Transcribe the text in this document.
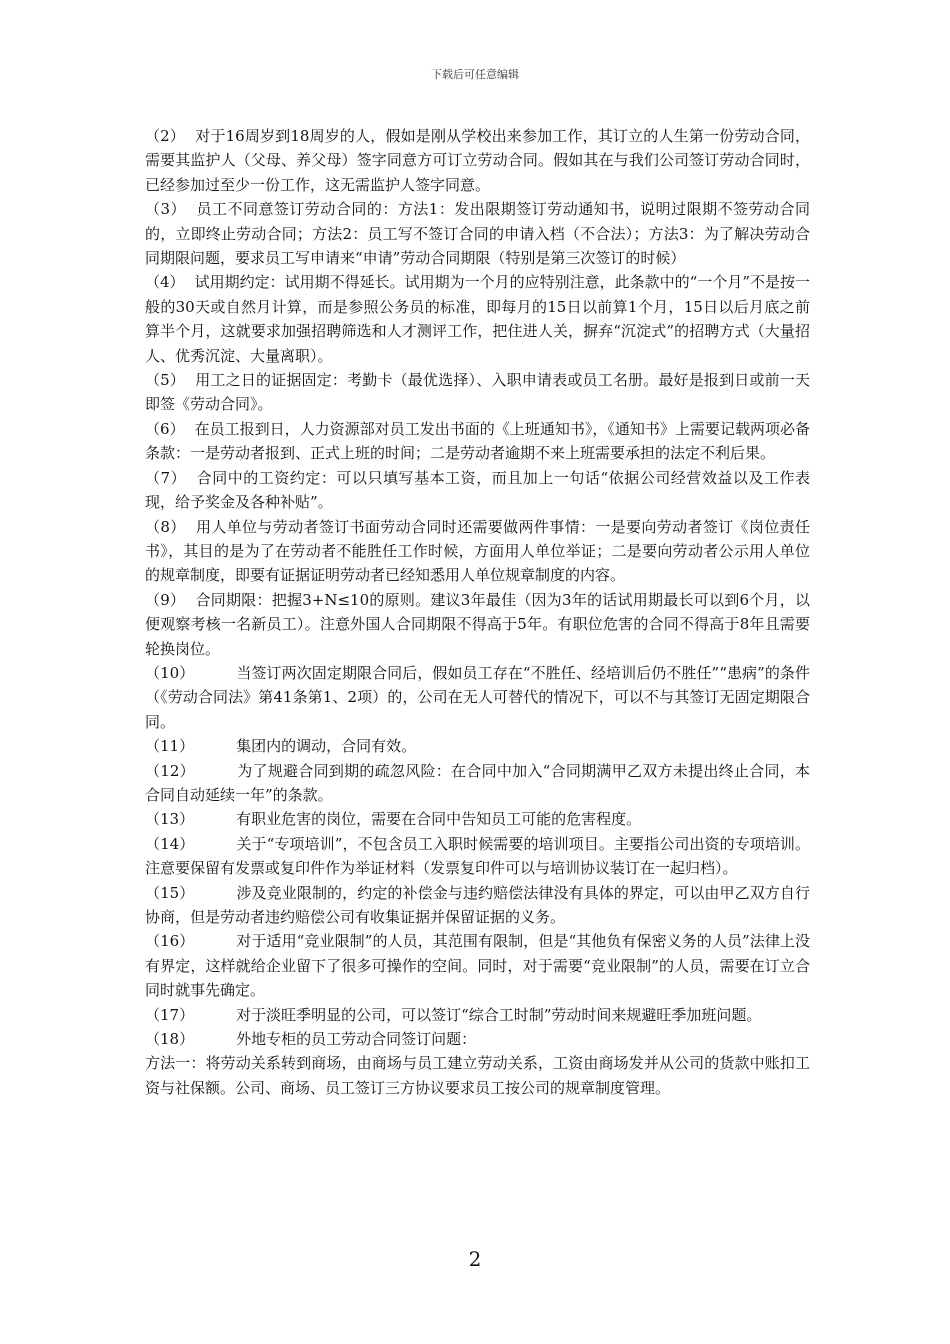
下载后可任意编辑

（2） 对于16周岁到18周岁的人，假如是刚从学校出来参加工作，其订立的人生第一份劳动合同，需要其监护人（父母、养父母）签字同意方可订立劳动合同。假如其在与我们公司签订劳动合同时，已经参加过至少一份工作，这无需监护人签字同意。

（3） 员工不同意签订劳动合同的：方法1：发出限期签订劳动通知书，说明过限期不签劳动合同的，立即终止劳动合同；方法2：员工写不签订合同的申请入档（不合法）；方法3：为了解决劳动合同期限问题，要求员工写申请来“申请”劳动合同期限（特别是第三次签订的时候）

（4） 试用期约定：试用期不得延长。试用期为一个月的应特别注意，此条款中的“一个月”不是按一般的30天或自然月计算，而是参照公务员的标准，即每月的15日以前算1个月，15日以后月底之前算半个月，这就要求加强招聘筛选和人才测评工作，把住进人关，摒弃“沉淀式”的招聘方式（大量招人、优秀沉淀、大量离职）。

（5） 用工之日的证据固定：考勤卡（最优选择）、入职申请表或员工名册。最好是报到日或前一天即签《劳动合同》。

（6） 在员工报到日，人力资源部对员工发出书面的《上班通知书》，《通知书》上需要记载两项必备条款：一是劳动者报到、正式上班的时间；二是劳动者逾期不来上班需要承担的法定不利后果。

（7） 合同中的工资约定：可以只填写基本工资，而且加上一句话“依据公司经营效益以及工作表现，给予奖金及各种补贴”。

（8） 用人单位与劳动者签订书面劳动合同时还需要做两件事情：一是要向劳动者签订《岗位责任书》，其目的是为了在劳动者不能胜任工作时候，方面用人单位举证；二是要向劳动者公示用人单位的规章制度，即要有证据证明劳动者已经知悉用人单位规章制度的内容。

（9） 合同期限：把握3+N≤10的原则。建议3年最佳（因为3年的话试用期最长可以到6个月，以便观察考核一名新员工）。注意外国人合同期限不得高于5年。有职位危害的合同不得高于8年且需要轮换岗位。

（10）	当签订两次固定期限合同后，假如员工存在“不胜任、经培训后仍不胜任”“患病”的条件（《劳动合同法》第41条第1、2项）的，公司在无人可替代的情况下，可以不与其签订无固定期限合同。

（11）	集团内的调动，合同有效。

（12）	为了规避合同到期的疏忽风险：在合同中加入“合同期满甲乙双方未提出终止合同，本合同自动延续一年”的条款。

（13）	有职业危害的岗位，需要在合同中告知员工可能的危害程度。

（14）	关于“专项培训”，不包含员工入职时候需要的培训项目。主要指公司出资的专项培训。注意要保留有发票或复印件作为举证材料（发票复印件可以与培训协议装订在一起归档）。

（15）	涉及竞业限制的，约定的补偿金与违约赔偿法律没有具体的界定，可以由甲乙双方自行协商，但是劳动者违约赔偿公司有收集证据并保留证据的义务。

（16）	对于适用“竞业限制”的人员，其范围有限制，但是“其他负有保密义务的人员”法律上没有界定，这样就给企业留下了很多可操作的空间。同时，对于需要“竞业限制”的人员，需要在订立合同时就事先确定。

（17）	对于淡旺季明显的公司，可以签订“综合工时制”劳动时间来规避旺季加班问题。

（18）	外地专柜的员工劳动合同签订问题：

方法一：将劳动关系转到商场，由商场与员工建立劳动关系，工资由商场发并从公司的货款中账扣工资与社保额。公司、商场、员工签订三方协议要求员工按公司的规章制度管理。

2
